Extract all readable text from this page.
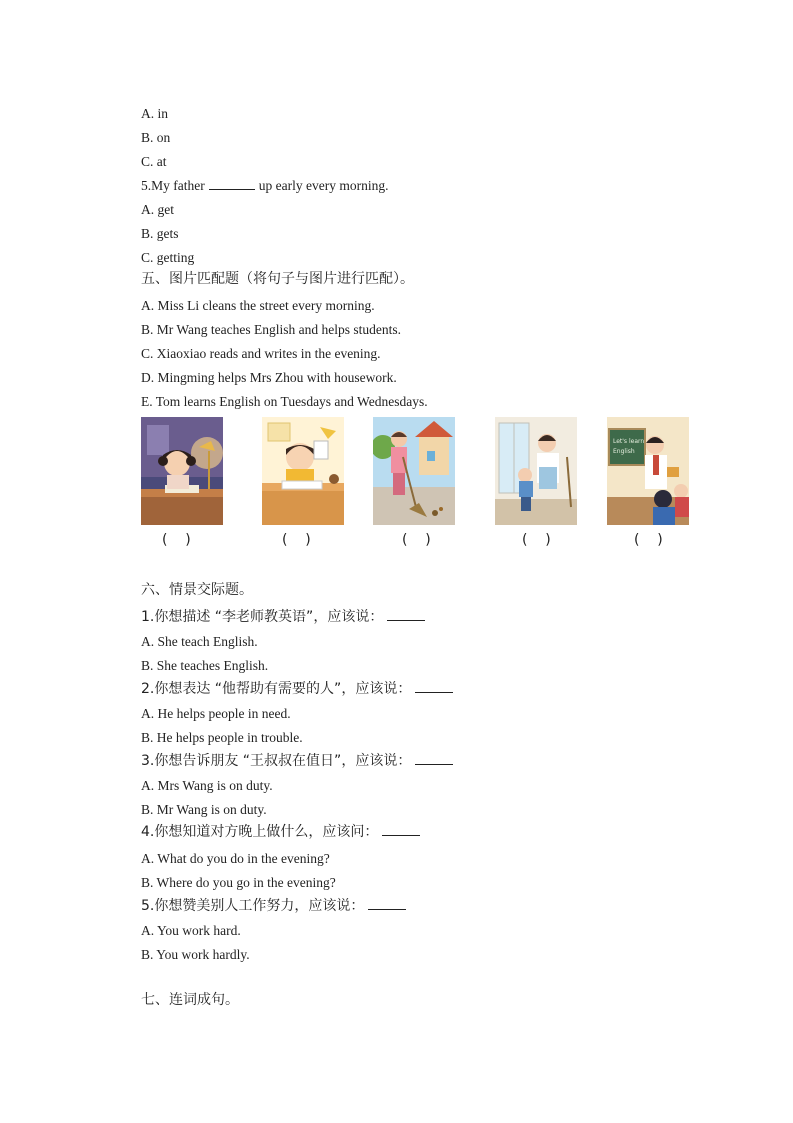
A. in
B. on
C. at
5.My father	up early every morning.
A. get
B. gets
C. getting
五、图片匹配题（将句子与图片进行匹配）。
A. Miss Li cleans the street every morning.
B. Mr Wang teaches English and helps students.
C. Xiaoxiao reads and writes in the evening.
D. Mingming helps Mrs Zhou with housework.
E. Tom learns English on Tuesdays and Wednesdays.
Let's learn
English
(    )	(    )	(    )	(    )	(    )
六、情景交际题。
1.你想描述 “李老师教英语”，应该说：
A. She teach English.
B. She teaches English.
2.你想表达 “他帮助有需要的人”，应该说：
A. He helps people in need.
B. He helps people in trouble.
3.你想告诉朋友 “王叔叔在值日”，应该说：
A. Mrs Wang is on duty.
B. Mr Wang is on duty.
4.你想知道对方晚上做什么，应该问：
A. What do you do in the evening?
B. Where do you go in the evening?
5.你想赞美别人工作努力，应该说：
A. You work hard.
B. You work hardly.
七、连词成句。
